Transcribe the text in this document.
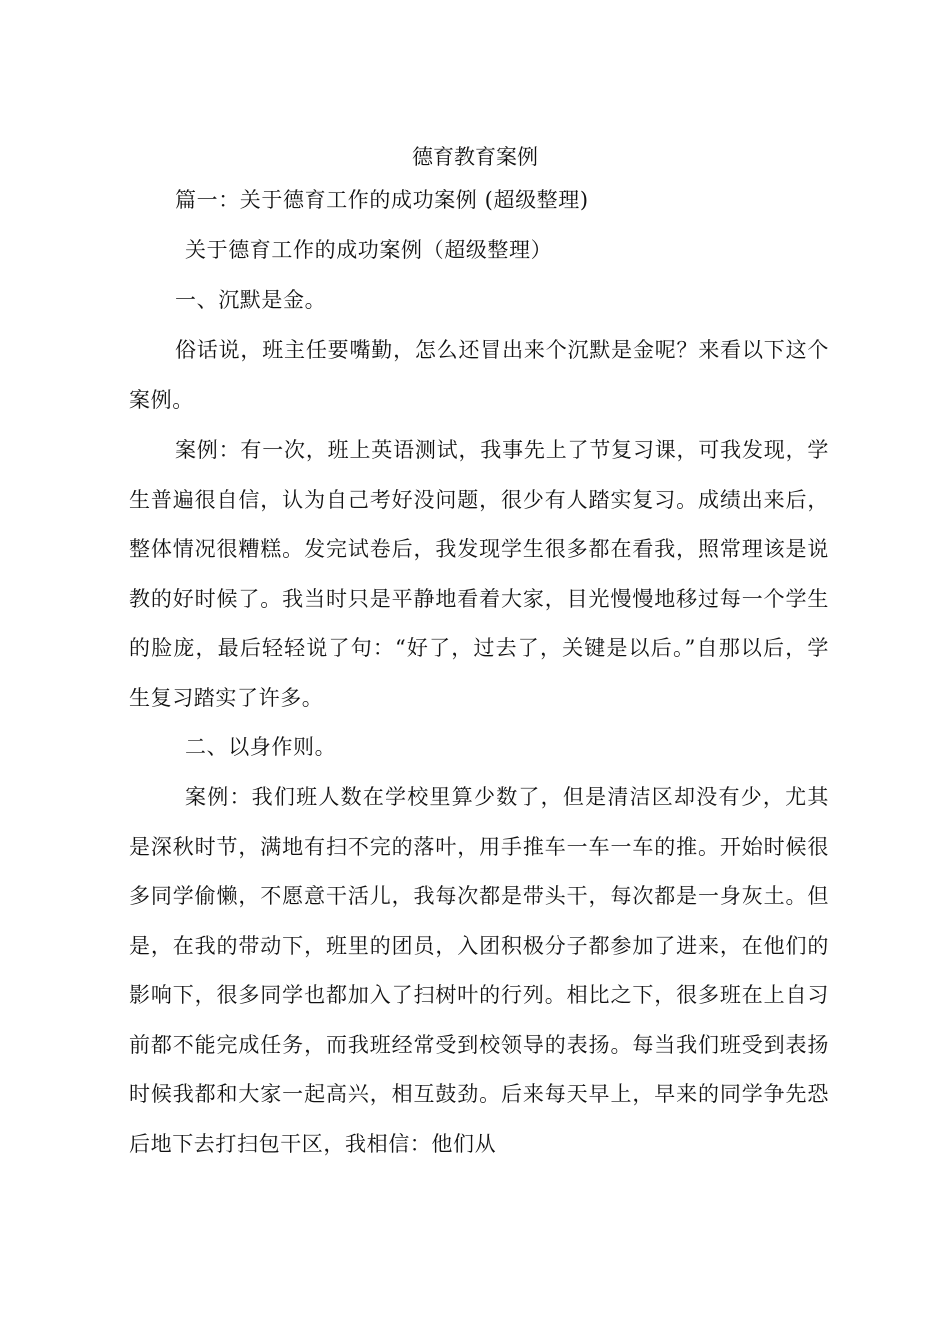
德育教育案例

篇一：关于德育工作的成功案例 (超级整理)

关于德育工作的成功案例（超级整理）

一、沉默是金。

俗话说，班主任要嘴勤，怎么还冒出来个沉默是金呢？来看以下这个案例。

案例：有一次，班上英语测试，我事先上了节复习课，可我发现，学生普遍很自信，认为自己考好没问题，很少有人踏实复习。成绩出来后，整体情况很糟糕。发完试卷后，我发现学生很多都在看我，照常理该是说教的好时候了。我当时只是平静地看着大家，目光慢慢地移过每一个学生的脸庞，最后轻轻说了句：“好了，过去了，关键是以后。”自那以后，学生复习踏实了许多。

二、以身作则。

案例：我们班人数在学校里算少数了，但是清洁区却没有少，尤其是深秋时节，满地有扫不完的落叶，用手推车一车一车的推。开始时候很多同学偷懒，不愿意干活儿，我每次都是带头干，每次都是一身灰土。但是，在我的带动下，班里的团员，入团积极分子都参加了进来，在他们的影响下，很多同学也都加入了扫树叶的行列。相比之下，很多班在上自习前都不能完成任务，而我班经常受到校领导的表扬。每当我们班受到表扬时候我都和大家一起高兴，相互鼓劲。后来每天早上，早来的同学争先恐后地下去打扫包干区，我相信：他们从
